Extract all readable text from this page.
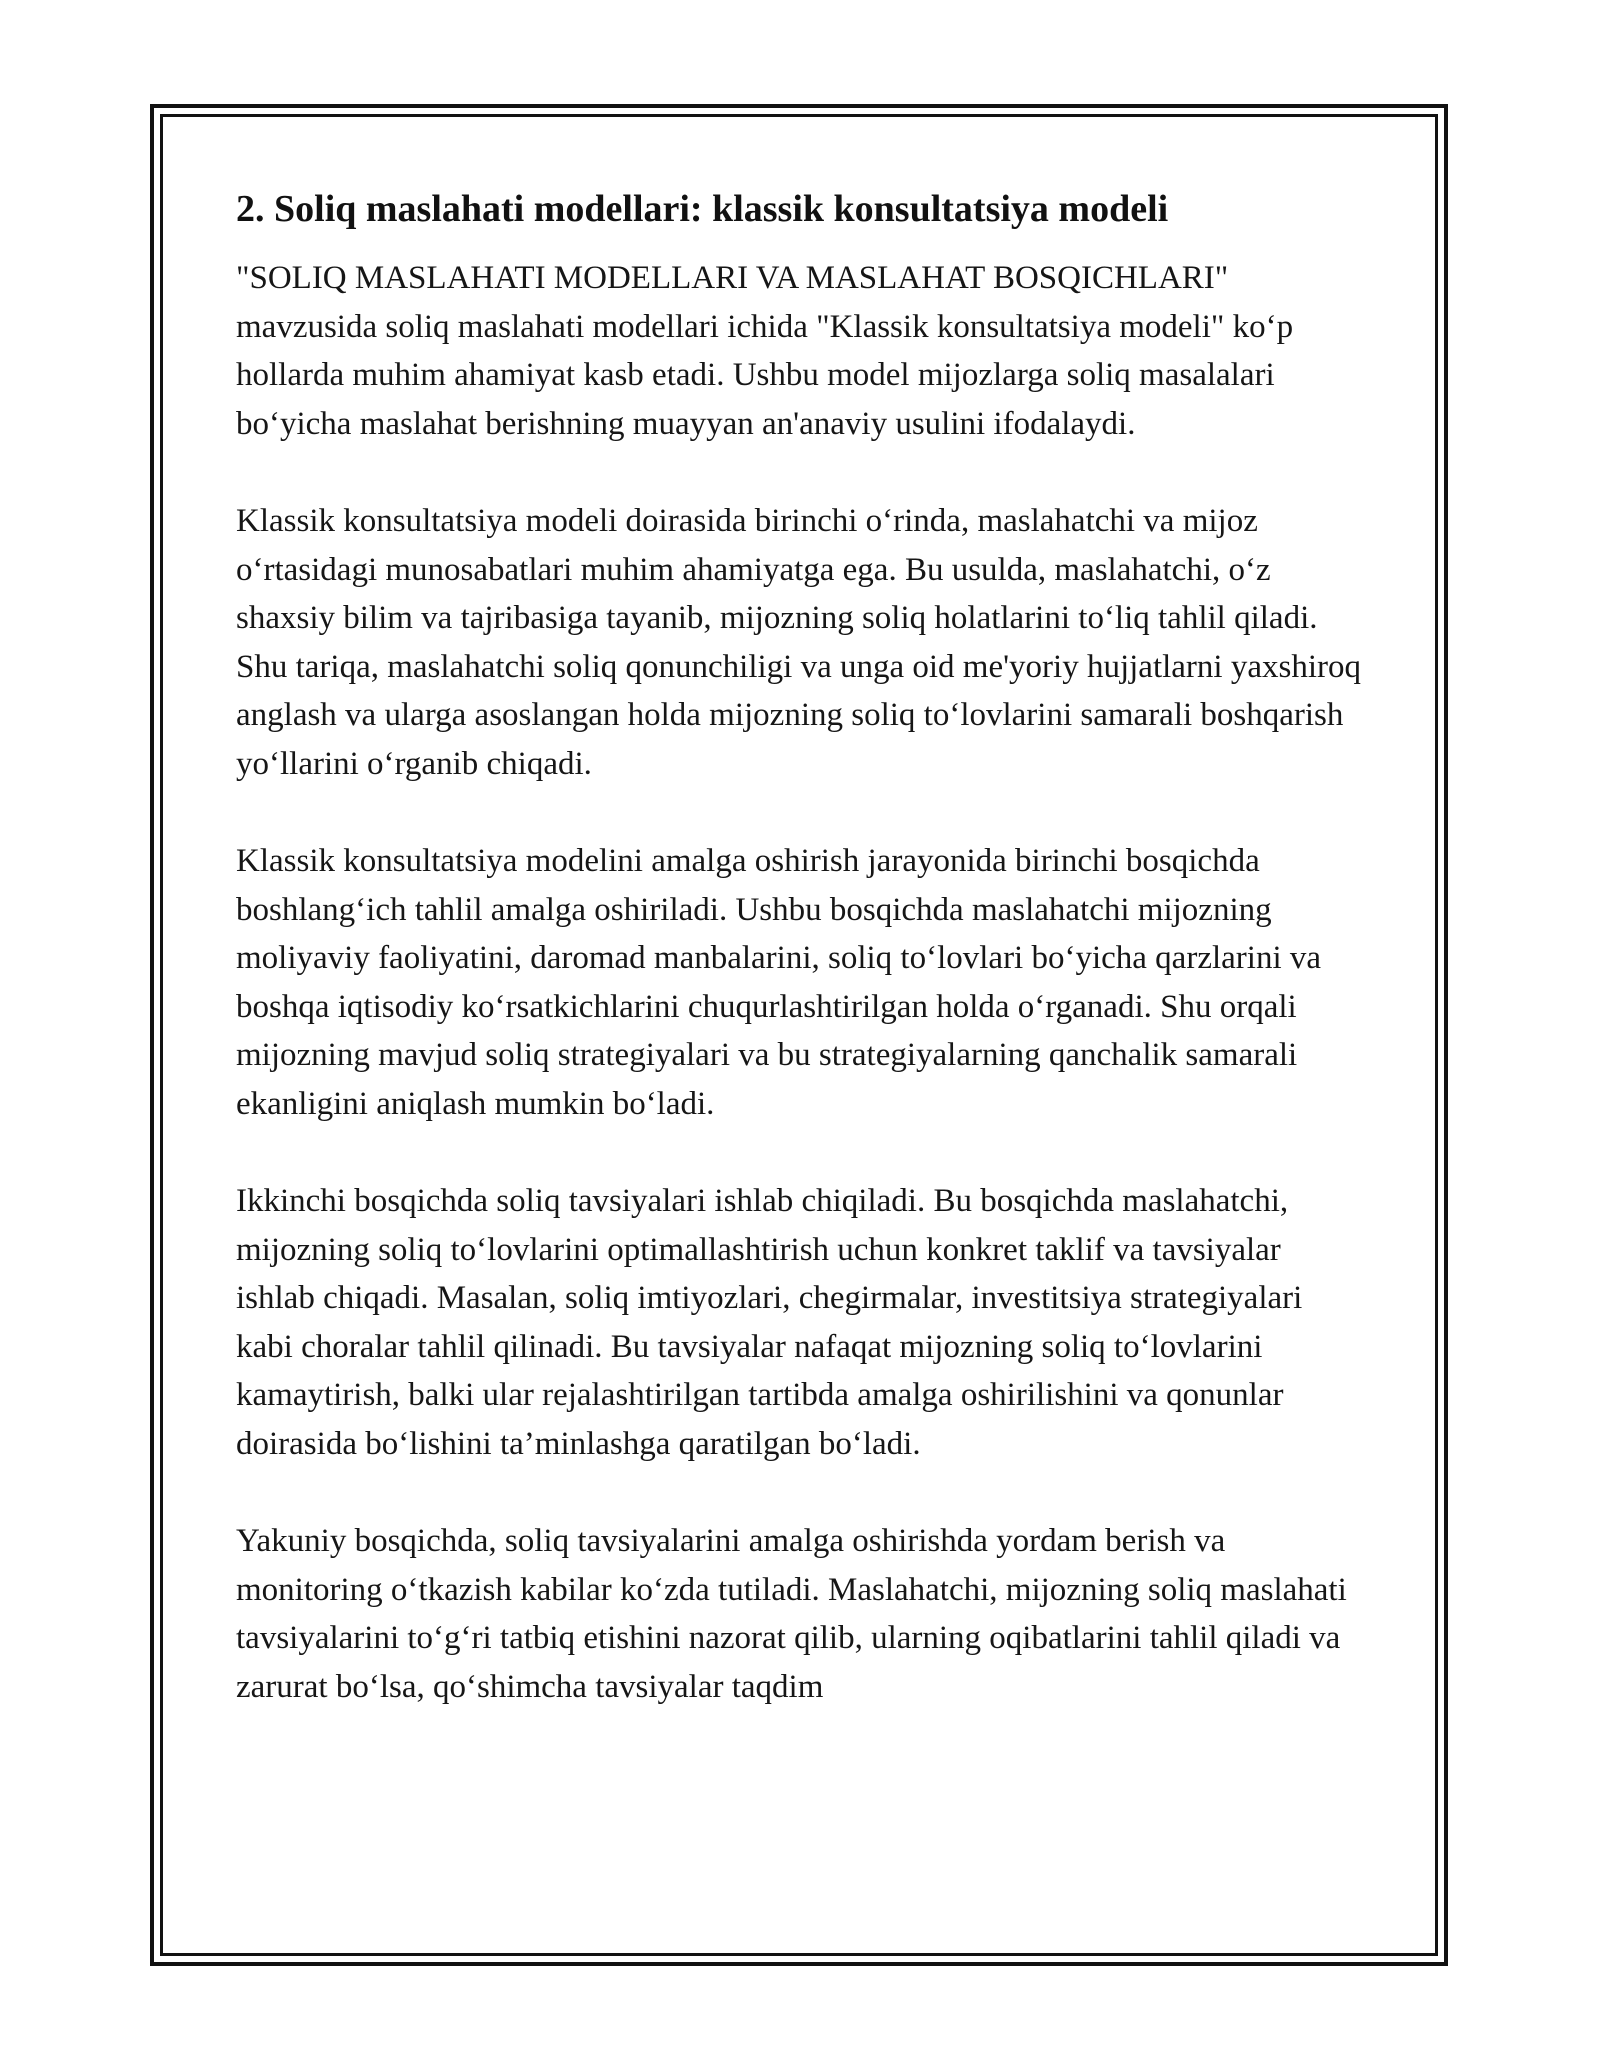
2. Soliq maslahati modellari: klassik konsultatsiya modeli

"SOLIQ MASLAHATI MODELLARI VA MASLAHAT BOSQICHLARI" mavzusida soliq maslahati modellari ichida "Klassik konsultatsiya modeli" ko‘p hollarda muhim ahamiyat kasb etadi. Ushbu model mijozlarga soliq masalalari bo‘yicha maslahat berishning muayyan an'anaviy usulini ifodalaydi.

Klassik konsultatsiya modeli doirasida birinchi o‘rinda, maslahatchi va mijoz o‘rtasidagi munosabatlari muhim ahamiyatga ega. Bu usulda, maslahatchi, o‘z shaxsiy bilim va tajribasiga tayanib, mijozning soliq holatlarini to‘liq tahlil qiladi. Shu tariqa, maslahatchi soliq qonunchiligi va unga oid me'yoriy hujjatlarni yaxshiroq anglash va ularga asoslangan holda mijozning soliq to‘lovlarini samarali boshqarish yo‘llarini o‘rganib chiqadi.

Klassik konsultatsiya modelini amalga oshirish jarayonida birinchi bosqichda boshlang‘ich tahlil amalga oshiriladi. Ushbu bosqichda maslahatchi mijozning moliyaviy faoliyatini, daromad manbalarini, soliq to‘lovlari bo‘yicha qarzlarini va boshqa iqtisodiy ko‘rsatkichlarini chuqurlashtirilgan holda o‘rganadi. Shu orqali mijozning mavjud soliq strategiyalari va bu strategiyalarning qanchalik samarali ekanligini aniqlash mumkin bo‘ladi.

Ikkinchi bosqichda soliq tavsiyalari ishlab chiqiladi. Bu bosqichda maslahatchi, mijozning soliq to‘lovlarini optimallashtirish uchun konkret taklif va tavsiyalar ishlab chiqadi. Masalan, soliq imtiyozlari, chegirmalar, investitsiya strategiyalari kabi choralar tahlil qilinadi. Bu tavsiyalar nafaqat mijozning soliq to‘lovlarini kamaytirish, balki ular rejalashtirilgan tartibda amalga oshirilishini va qonunlar doirasida bo‘lishini ta’minlashga qaratilgan bo‘ladi.

Yakuniy bosqichda, soliq tavsiyalarini amalga oshirishda yordam berish va monitoring o‘tkazish kabilar ko‘zda tutiladi. Maslahatchi, mijozning soliq maslahati tavsiyalarini to‘g‘ri tatbiq etishini nazorat qilib, ularning oqibatlarini tahlil qiladi va zarurat bo‘lsa, qo‘shimcha tavsiyalar taqdim
